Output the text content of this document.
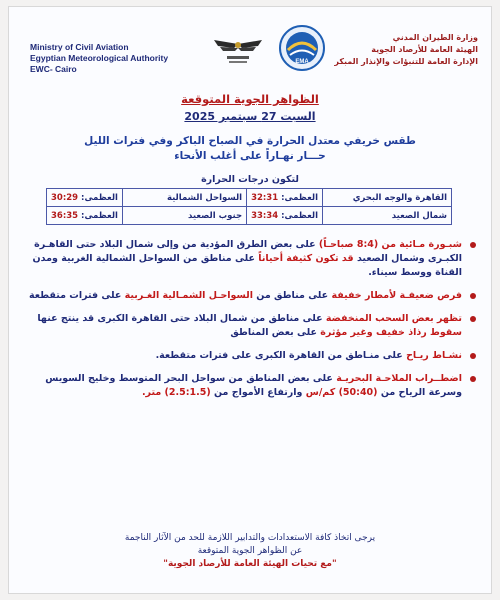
Ministry of Civil Aviation
Egyptian Meteorological Authority
EWC- Cairo
EMA
وزارة الطيران المدني
الهيئة العامة للأرصاد الجوية
الإدارة العامة للتنبؤات والإنذار المبكر
الظواهر الجوية المتوقعة
السبت 27 سبتمبر 2025
طقس خريفي معتدل الحرارة في الصباح الباكر وفي فترات الليل
حـــار نهـاراً على أغلب الأنحاء
لتكون درجات الحرارة
القاهرة والوجه البحري	العظمى: 32:31	السواحل الشمالية	العظمى: 30:29
شمال الصعيد	العظمى: 33:34	جنوب الصعيد	العظمى: 36:35
شبـورة مـائية من (8:4 صباحـاً) على بعض الطرق المؤدية من وإلى شمال البلاد حتى القاهـرة الكبـرى وشمال الصعيد قد تكون كثيفة أحياناً على مناطق من السواحل الشمالية الغربية ومدن القناة ووسط سيناء.
فرص ضعيفـة لأمطار خفيفة على مناطق من السواحـل الشمـالية الغـربية على فترات متقطعة
تظهر بعض السحب المنخفضة على مناطق من شمال البلاد حتى القاهرة الكبرى قد ينتج عنها سقوط رذاذ خفيف وغير مؤثرة على بعض المناطق
نشـاط ريـاح على منـاطق من القاهرة الكبرى على فترات متقطعة.
اضطــراب الملاحـة البحريـة على بعض المناطق من سواحل البحر المتوسط وخليج السويس وسرعة الرياح من (50:40) كم/س وارتفاع الأمواج من (2.5:1.5) متر.
يرجى اتخاذ كافة الاستعدادات والتدابير اللازمة للحد من الآثار الناجمة
عن الظواهر الجوية المتوقعة
"مع تحيات الهيئة العامة للأرصاد الجوية"
